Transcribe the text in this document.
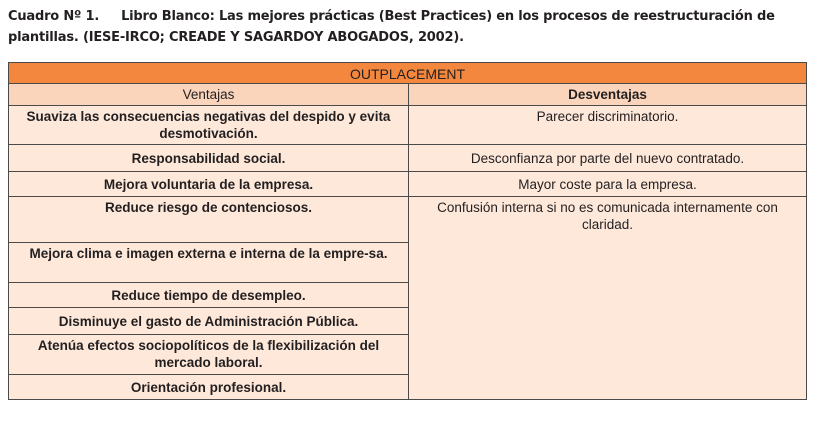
Cuadro Nº 1. Libro Blanco: Las mejores prácticas (Best Practices) en los procesos de reestructuración de plantillas. (IESE-IRCO; CREADE Y SAGARDOY ABOGADOS, 2002).
OUTPLACEMENT	
Ventajas	Desventajas
Suaviza las consecuencias negativas del despido y evita desmotivación.	Parecer discriminatorio.
Responsabilidad social.	Desconfianza por parte del nuevo contratado.
Mejora voluntaria de la empresa.	Mayor coste para la empresa.
Reduce riesgo de contenciosos.	Confusión interna si no es comunicada internamente con claridad.
Mejora clima e imagen externa e interna de la empre-sa.	
Reduce tiempo de desempleo.	
Disminuye el gasto de Administración Pública.	
Atenúa efectos sociopolíticos de la flexibilización del mercado laboral.	
Orientación profesional.	
